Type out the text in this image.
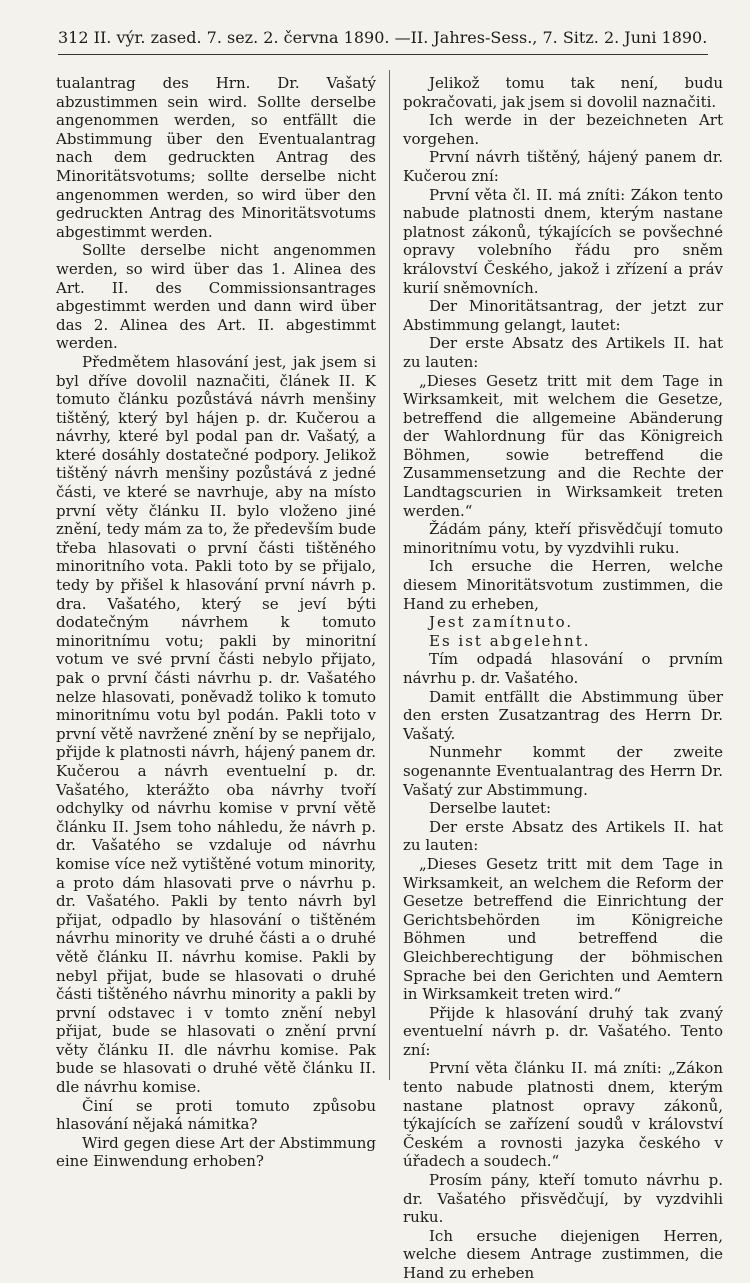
312 II. výr. zased. 7. sez. 2. června 1890. —II. Jahres-Sess., 7. Sitz. 2. Juni 1890.

tualantrag des Hrn. Dr. Vašatý abzustimmen sein wird. Sollte derselbe angenommen werden, so entfällt die Abstimmung über den Eventualantrag nach dem gedruckten Antrag des Minoritätsvotums; sollte derselbe nicht angenommen werden, so wird über den gedruckten Antrag des Minoritätsvotums abgestimmt werden.

Sollte derselbe nicht angenommen werden, so wird über das 1. Alinea des Art. II. des Commissionsantrages abgestimmt werden und dann wird über das 2. Alinea des Art. II. abgestimmt werden.

Předmětem hlasování jest, jak jsem si byl dříve dovolil naznačiti, článek II. K tomuto článku pozůstává návrh menšiny tištěný, který byl hájen p. dr. Kučerou a návrhy, které byl podal pan dr. Vašatý, a které dosáhly dostatečné podpory. Jelikož tištěný návrh menšiny pozůstává z jedné části, ve které se navrhuje, aby na místo první věty článku II. bylo vloženo jiné znění, tedy mám za to, že především bude třeba hlasovati o první části tištěného minoritního vota. Pakli toto by se přijalo, tedy by přišel k hlasování první návrh p. dra. Vašatého, který se jeví býti dodatečným návrhem k tomuto minoritnímu votu; pakli by minoritní votum ve své první části nebylo přijato, pak o první části návrhu p. dr. Vašatého nelze hlasovati, poněvadž toliko k tomuto minoritnímu votu byl podán. Pakli toto v první větě navržené znění by se nepřijalo, přijde k platnosti návrh, hájený panem dr. Kučerou a návrh eventuelní p. dr. Vašatého, kterážto oba návrhy tvoří odchylky od návrhu komise v první větě článku II. Jsem toho náhledu, že návrh p. dr. Vašatého se vzdaluje od návrhu komise více než vytištěné votum minority, a proto dám hlasovati prve o návrhu p. dr. Vašatého. Pakli by tento návrh byl přijat, odpadlo by hlasování o tištěném návrhu minority ve druhé části a o druhé větě článku II. návrhu komise. Pakli by nebyl přijat, bude se hlasovati o druhé části tištěného návrhu minority a pakli by první odstavec i v tomto znění nebyl přijat, bude se hlasovati o znění první věty článku II. dle návrhu komise. Pak bude se hlasovati o druhé větě článku II. dle návrhu komise.

Činí se proti tomuto způsobu hlasování nějaká námitka?

Wird gegen diese Art der Abstimmung eine Einwendung erhoben?

Jelikož tomu tak není, budu pokračovati, jak jsem si dovolil naznačiti.

Ich werde in der bezeichneten Art vorgehen.

První návrh tištěný, hájený panem dr. Kučerou zní:

První věta čl. II. má zníti: Zákon tento nabude platnosti dnem, kterým nastane platnost zákonů, týkajících se povšechné opravy volebního řádu pro sněm království Českého, jakož i zřízení a práv kurií sněmovních.

Der Minoritätsantrag, der jetzt zur Abstimmung gelangt, lautet:

Der erste Absatz des Artikels II. hat zu lauten:

„Dieses Gesetz tritt mit dem Tage in Wirksamkeit, mit welchem die Gesetze, betreffend die allgemeine Abänderung der Wahlordnung für das Königreich Böhmen, sowie betreffend die Zusammensetzung and die Rechte der Landtagscurien in Wirksamkeit treten werden.“

Žádám pány, kteří přisvědčují tomuto minoritnímu votu, by vyzdvihli ruku.

Ich ersuche die Herren, welche diesem Minoritätsvotum zustimmen, die Hand zu erheben,

Jest zamítnuto.

Es ist abgelehnt.

Tím odpadá hlasování o prvním návrhu p. dr. Vašatého.

Damit entfällt die Abstimmung über den ersten Zusatzantrag des Herrn Dr. Vašatý.

Nunmehr kommt der zweite sogenannte Eventualantrag des Herrn Dr. Vašatý zur Abstimmung.

Derselbe lautet:

Der erste Absatz des Artikels II. hat zu lauten:

„Dieses Gesetz tritt mit dem Tage in Wirksamkeit, an welchem die Reform der Gesetze betreffend die Einrichtung der Gerichtsbehörden im Königreiche Böhmen und betreffend die Gleichberechtigung der böhmischen Sprache bei den Gerichten und Aemtern in Wirksamkeit treten wird.“

Přijde k hlasování druhý tak zvaný eventuelní návrh p. dr. Vašatého. Tento zní:

První věta článku II. má zníti: „Zákon tento nabude platnosti dnem, kterým nastane platnost opravy zákonů, týkajících se zařízení soudů v království Českém a rovnosti jazyka českého v úřadech a soudech.“

Prosím pány, kteří tomuto návrhu p. dr. Vašatého přisvědčují, by vyzdvihli ruku.

Ich ersuche diejenigen Herren, welche diesem Antrage zustimmen, die Hand zu erheben
